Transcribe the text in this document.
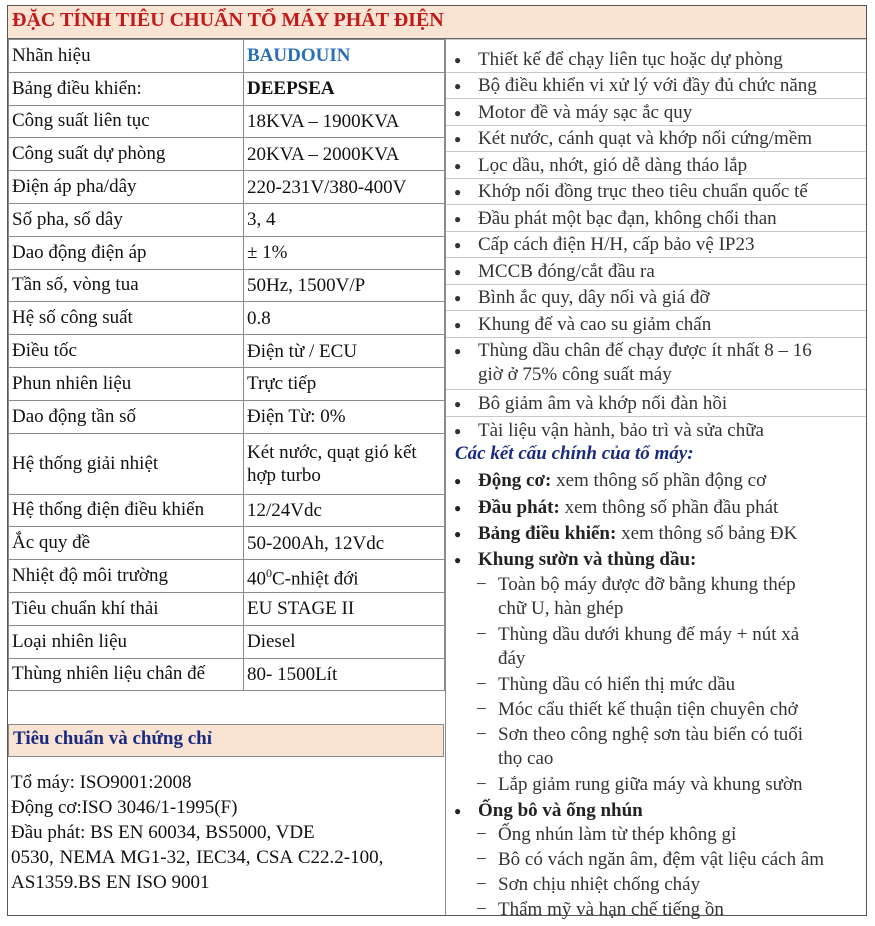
ĐẶC TÍNH TIÊU CHUẨN TỔ MÁY PHÁT ĐIỆN
Nhãn hiệu	BAUDOUIN
Bảng điều khiển:	DEEPSEA
Công suất liên tục	18KVA – 1900KVA
Công suất dự phòng	20KVA – 2000KVA
Điện áp pha/dây	220-231V/380-400V
Số pha, số dây	3, 4
Dao động điện áp	± 1%
Tần số, vòng tua	50Hz, 1500V/P
Hệ số công suất	0.8
Điều tốc	Điện từ / ECU
Phun nhiên liệu	Trực tiếp
Dao động tần số	Điện Từ: 0%
Hệ thống giải nhiệt	Két nước, quạt gió kết hợp turbo
Hệ thống điện điều khiển	12/24Vdc
Ắc quy đề	50-200Ah, 12Vdc
Nhiệt độ môi trường	$40^0C$-nhiệt đới
Tiêu chuẩn khí thải	EU STAGE II
Loại nhiên liệu	Diesel
Thùng nhiên liệu chân đế	80- 1500Lít
Tiêu chuẩn và chứng chỉ
Tổ máy: ISO9001:2008
Động cơ:ISO 3046/1-1995(F)
Đầu phát: BS EN 60034, BS5000, VDE
0530, NEMA MG1-32, IEC34, CSA C22.2-100,
AS1359.BS EN ISO 9001
● Thiết kế để chạy liên tục hoặc dự phòng
● Bộ điều khiển vi xử lý với đầy đủ chức năng
● Motor đề và máy sạc ắc quy
● Két nước, cánh quạt và khớp nối cứng/mềm
● Lọc dầu, nhớt, gió dễ dàng tháo lắp
● Khớp nối đồng trục theo tiêu chuẩn quốc tế
● Đầu phát một bạc đạn, không chổi than
● Cấp cách điện H/H, cấp bảo vệ IP23
● MCCB đóng/cắt đầu ra
● Bình ắc quy, dây nối và giá đỡ
● Khung đế và cao su giảm chấn
● Thùng dầu chân đế chạy được ít nhất 8 – 16
giờ ở 75% công suất máy
● Bô giảm âm và khớp nối đàn hồi
● Tài liệu vận hành, bảo trì và sửa chữa
Các kết cấu chính của tổ máy:
● Động cơ: xem thông số phần động cơ
● Đầu phát: xem thông số phần đầu phát
● Bảng điều khiển: xem thông số bảng ĐK
● Khung sườn và thùng dầu:
− Toàn bộ máy được đỡ bằng khung thép
chữ U, hàn ghép
− Thùng dầu dưới khung đế máy + nút xả
đáy
− Thùng dầu có hiển thị mức dầu
− Móc cẩu thiết kế thuận tiện chuyên chở
− Sơn theo công nghệ sơn tàu biển có tuổi
thọ cao
− Lắp giảm rung giữa máy và khung sườn
● Ống bô và ống nhún
− Ống nhún làm từ thép không gỉ
− Bô có vách ngăn âm, đệm vật liệu cách âm
− Sơn chịu nhiệt chống cháy
− Thẩm mỹ và hạn chế tiếng ồn
